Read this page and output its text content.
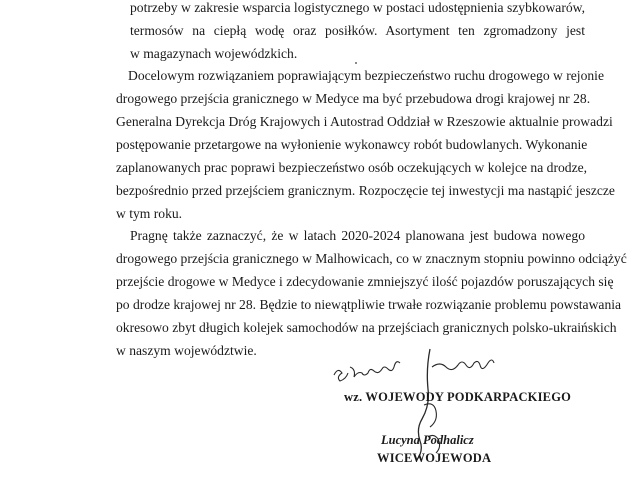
potrzeby w zakresie wsparcia logistycznego w postaci udostępnienia szybkowarów,
termosów na ciepłą wodę oraz posiłków. Asortyment ten zgromadzony jest
w magazynach wojewódzkich.
Docelowym rozwiązaniem poprawiającym bezpieczeństwo ruchu drogowego w rejonie
drogowego przejścia granicznego w Medyce ma być przebudowa drogi krajowej nr 28.
Generalna Dyrekcja Dróg Krajowych i Autostrad Oddział w Rzeszowie aktualnie prowadzi
postępowanie przetargowe na wyłonienie wykonawcy robót budowlanych. Wykonanie
zaplanowanych prac poprawi bezpieczeństwo osób oczekujących w kolejce na drodze,
bezpośrednio przed przejściem granicznym. Rozpoczęcie tej inwestycji ma nastąpić jeszcze
w tym roku.
Pragnę także zaznaczyć, że w latach 2020-2024 planowana jest budowa nowego
drogowego przejścia granicznego w Malhowicach, co w znacznym stopniu powinno odciążyć
przejście drogowe w Medyce i zdecydowanie zmniejszyć ilość pojazdów poruszających się
po drodze krajowej nr 28. Będzie to niewątpliwie trwałe rozwiązanie problemu powstawania
okresowo zbyt długich kolejek samochodów na przejściach granicznych polsko-ukraińskich
w naszym województwie.
wz. WOJEWODY PODKARPACKIEGO
Lucyna Podhalicz
WICEWOJEWODA
